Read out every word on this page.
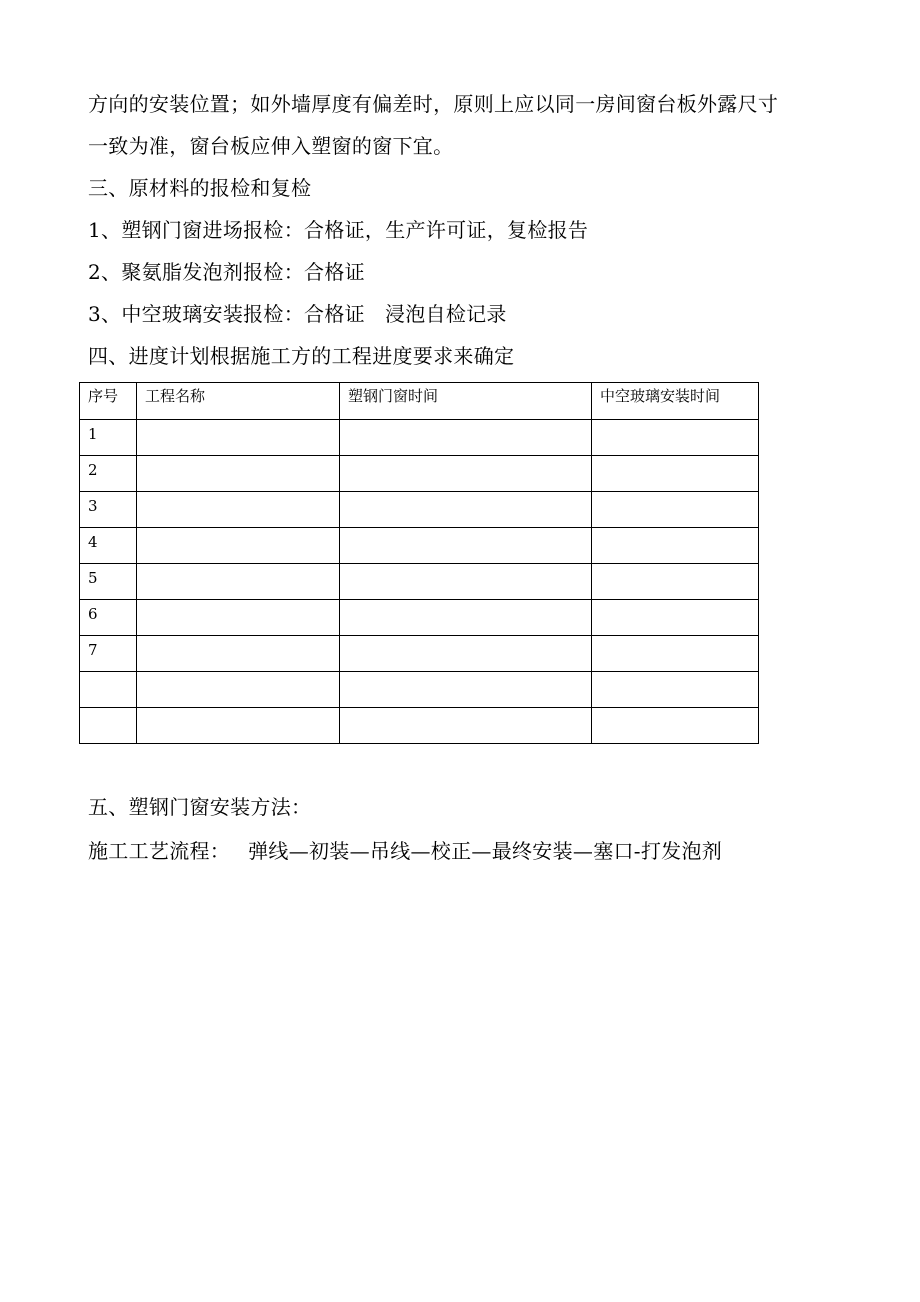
方向的安装位置；如外墙厚度有偏差时，原则上应以同一房间窗台板外露尺寸
一致为准，窗台板应伸入塑窗的窗下宜。
三、原材料的报检和复检
1、塑钢门窗进场报检：合格证，生产许可证，复检报告
2、聚氨脂发泡剂报检：合格证
3、中空玻璃安装报检：合格证 浸泡自检记录
四、进度计划根据施工方的工程进度要求来确定
序号	工程名称	塑钢门窗时间	中空玻璃安装时间
1			
2			
3			
4			
5			
6			
7			

五、塑钢门窗安装方法：
施工工艺流程： 弹线—初装—吊线—校正—最终安装—塞口-打发泡剂
